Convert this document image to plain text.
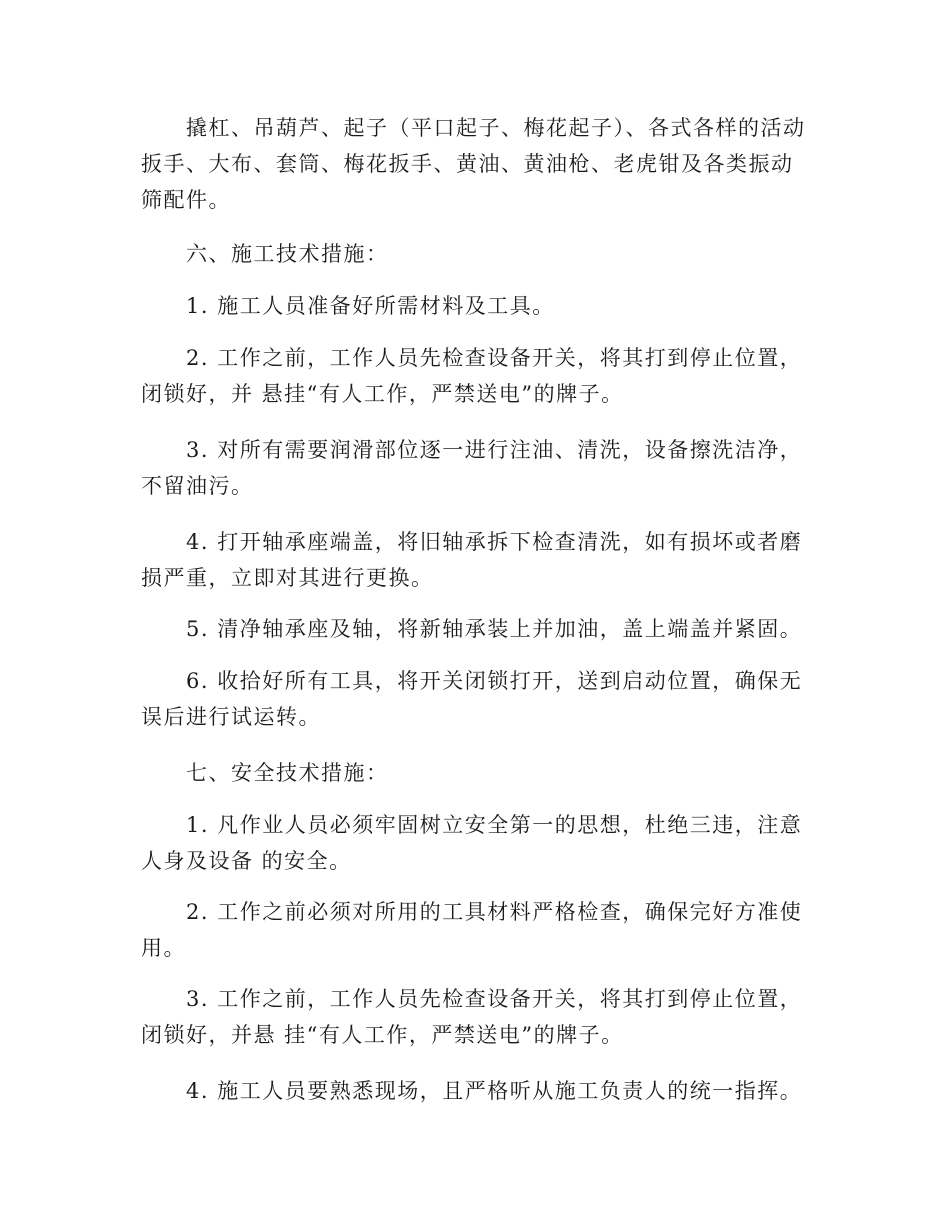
　　撬杠、吊葫芦、起子（平口起子、梅花起子）、各式各样的活动扳手、大布、套筒、梅花扳手、黄油、黄油枪、老虎钳及各类振动筛配件。

　　六、施工技术措施：

　　1. 施工人员准备好所需材料及工具。

　　2. 工作之前，工作人员先检查设备开关，将其打到停止位置，闭锁好，并 悬挂“有人工作，严禁送电”的牌子。

　　3. 对所有需要润滑部位逐一进行注油、清洗，设备擦洗洁净，不留油污。

　　4. 打开轴承座端盖，将旧轴承拆下检查清洗，如有损坏或者磨损严重，立即对其进行更换。

　　5. 清净轴承座及轴，将新轴承装上并加油，盖上端盖并紧固。

　　6. 收拾好所有工具，将开关闭锁打开，送到启动位置，确保无误后进行试运转。

　　七、安全技术措施：

　　1. 凡作业人员必须牢固树立安全第一的思想，杜绝三违，注意人身及设备 的安全。

　　2. 工作之前必须对所用的工具材料严格检查，确保完好方准使用。

　　3. 工作之前，工作人员先检查设备开关，将其打到停止位置，闭锁好，并悬 挂“有人工作，严禁送电”的牌子。

　　4. 施工人员要熟悉现场，且严格听从施工负责人的统一指挥。
